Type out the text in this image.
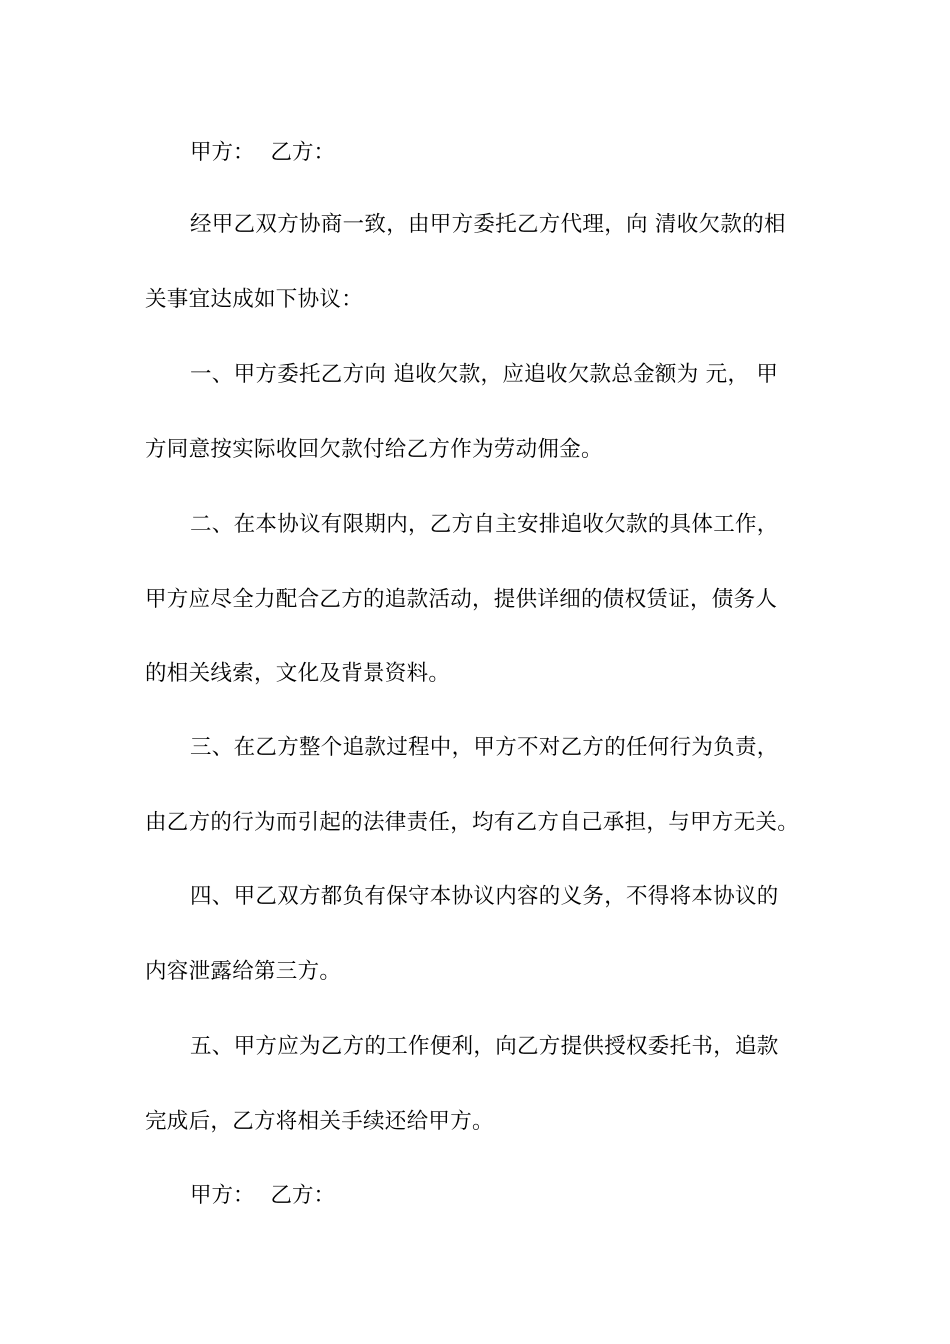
甲方： 乙方：
经甲乙双方协商一致，由甲方委托乙方代理，向 清收欠款的相
关事宜达成如下协议：
一、甲方委托乙方向 追收欠款，应追收欠款总金额为 元， 甲
方同意按实际收回欠款付给乙方作为劳动佣金。
二、在本协议有限期内，乙方自主安排追收欠款的具体工作，
甲方应尽全力配合乙方的追款活动，提供详细的债权赁证，债务人
的相关线索，文化及背景资料。
三、在乙方整个追款过程中，甲方不对乙方的任何行为负责，
由乙方的行为而引起的法律责任，均有乙方自己承担，与甲方无关。
四、甲乙双方都负有保守本协议内容的义务，不得将本协议的
内容泄露给第三方。
五、甲方应为乙方的工作便利，向乙方提供授权委托书，追款
完成后，乙方将相关手续还给甲方。
甲方： 乙方：
